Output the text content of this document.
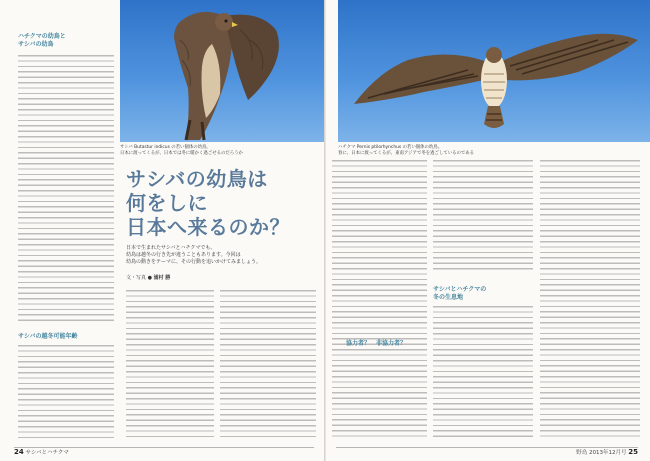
ハチクマの幼鳥と
サシバの幼鳥
サシバの越冬可能年齢
サシバ Butastur indicus の若い個体の幼鳥。
日本に渡ってくるが、日本では冬に暖かく過ごせるのだろうか
サシバの幼鳥は
何をしに
日本へ来るのか？
日本で生まれたサシバとハチクマでも、
幼鳥は越冬の行き先が違うこともあります。今回は
幼鳥の動きをテーマに、その行動を追いかけてみましょう。
文・写真 ● 浦村 勝
24 サシバとハチクマ
ハチクマ Pernis ptilorhynchus の若い個体の幼鳥。
春に、日本に渡ってくるが、東南アジアで冬を過ごしているのである
サシバとハチクマの
冬の生息地
協力者？　非協力者？
野鳥 2013年12月号 25
